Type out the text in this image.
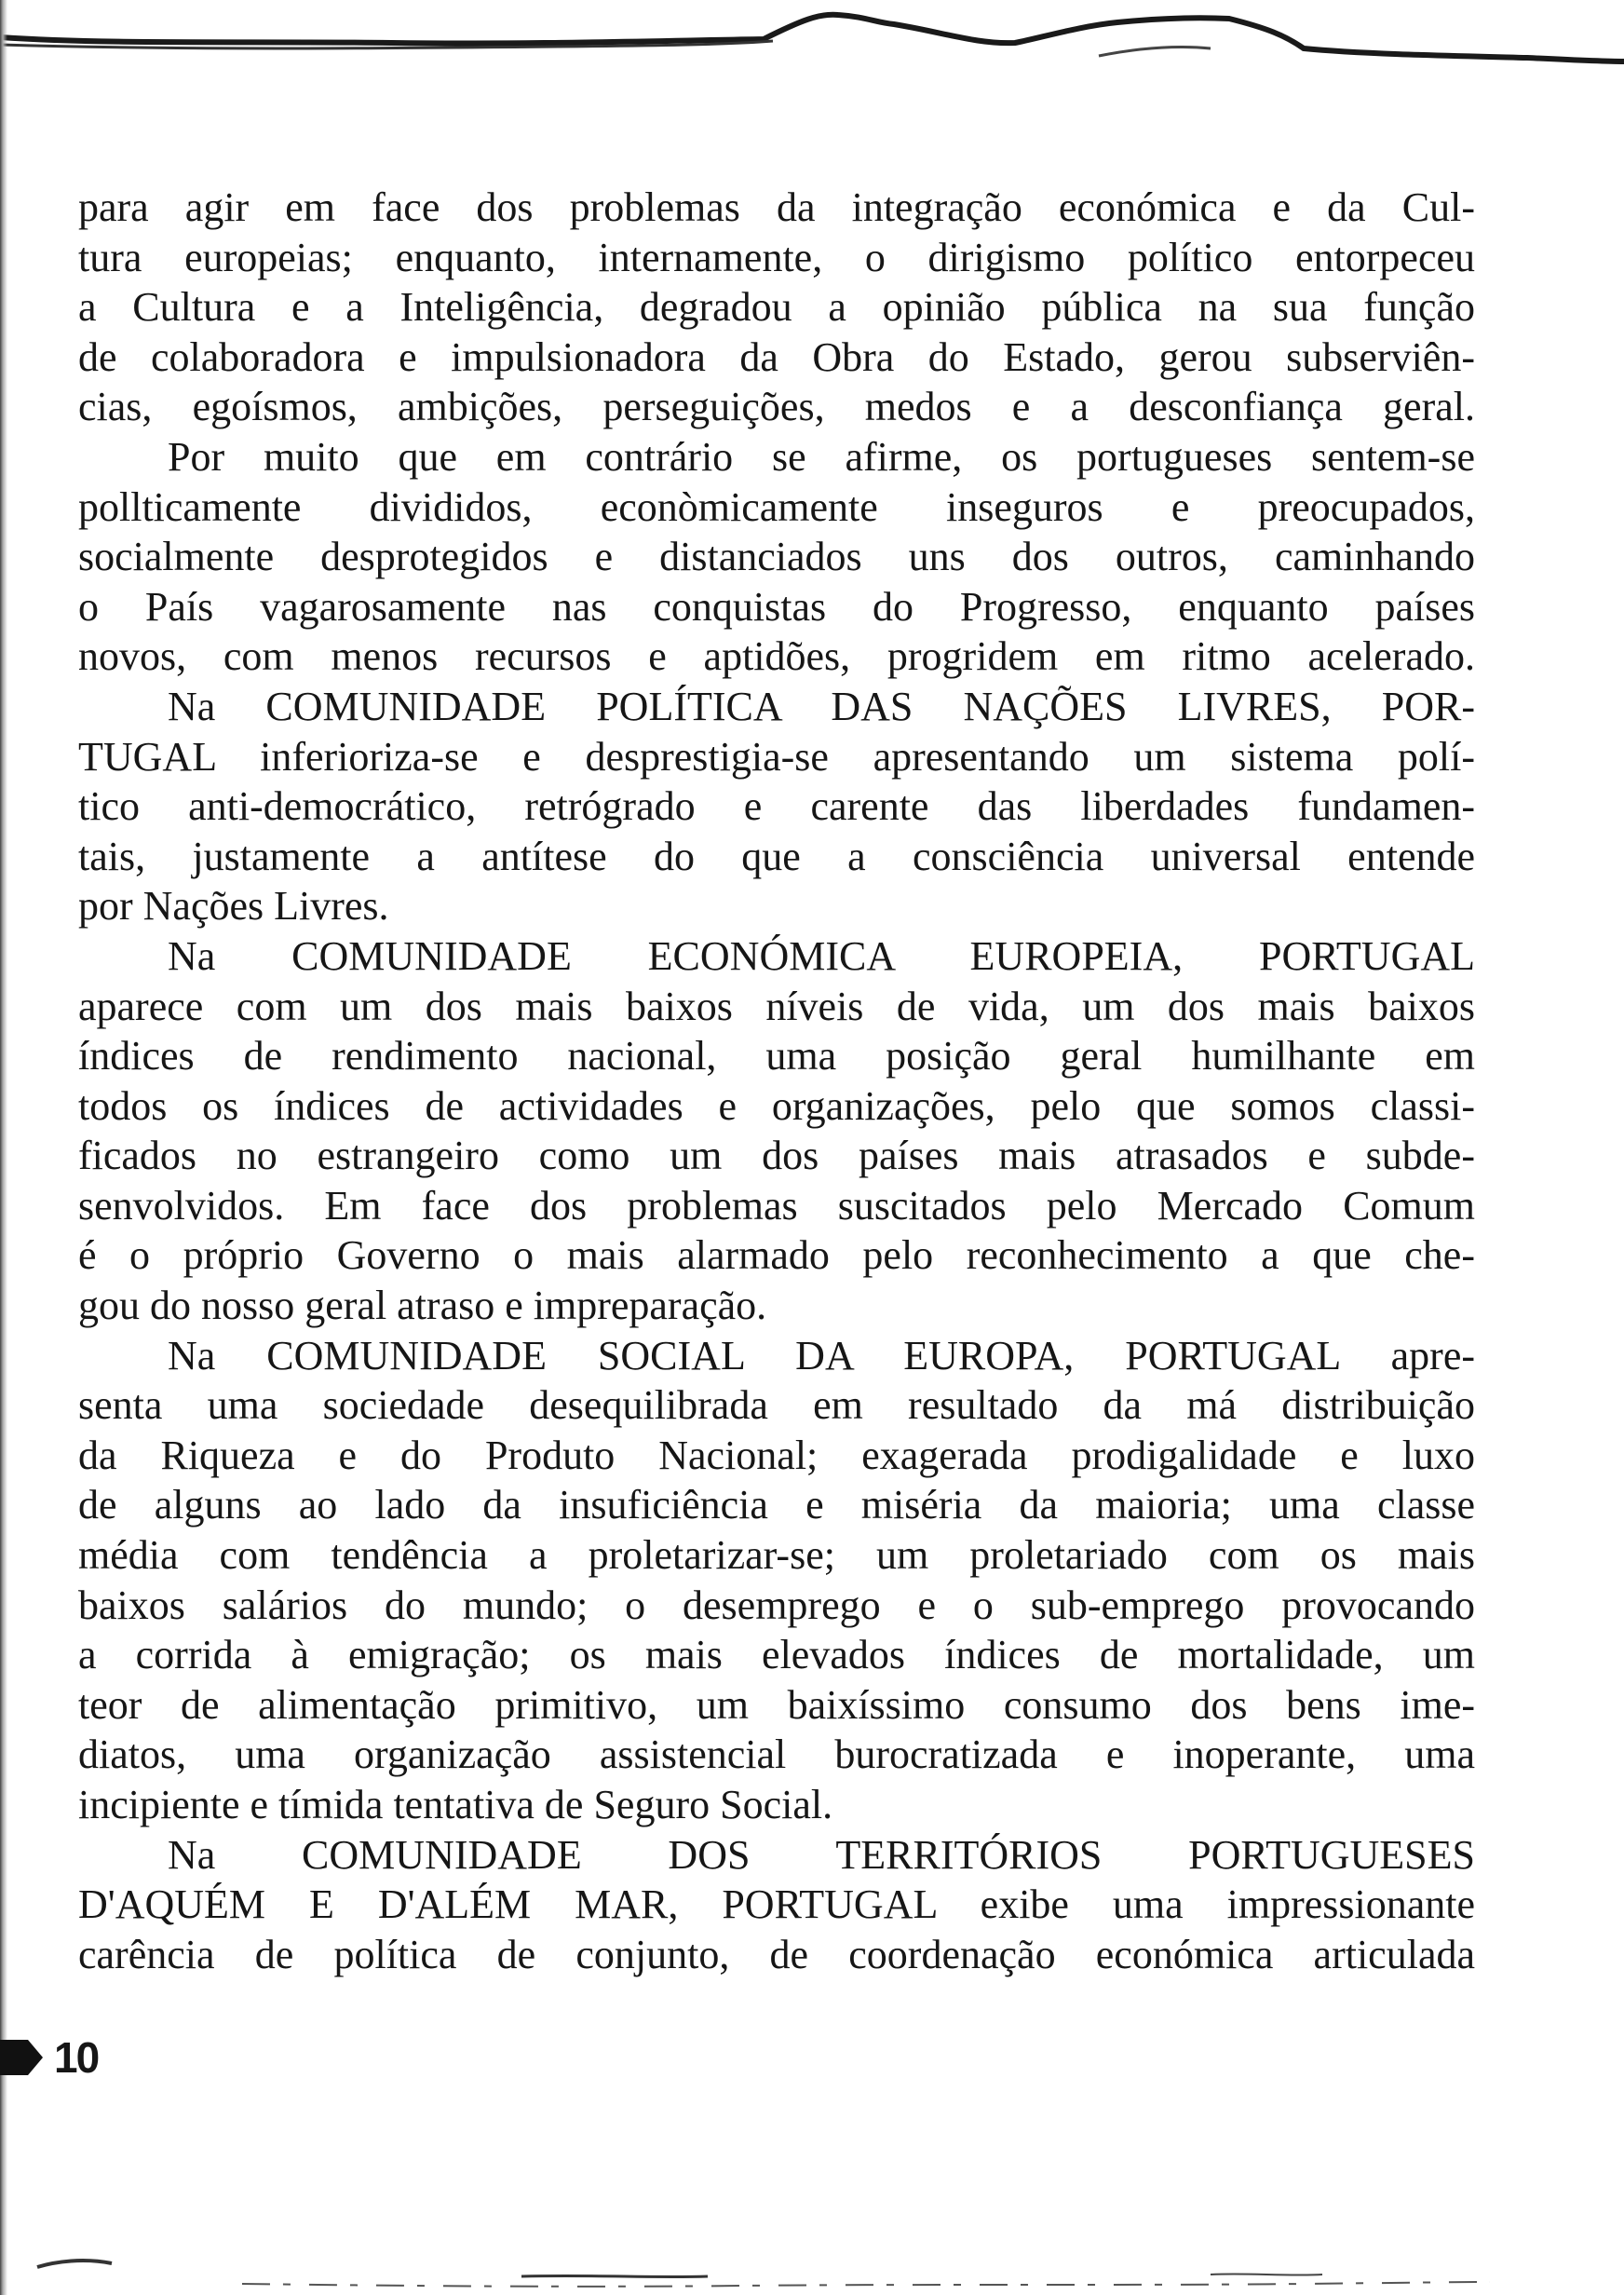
para agir em face dos problemas da integração económica e da Cul-
tura europeias; enquanto, internamente, o dirigismo político entorpeceu
a Cultura e a Inteligência, degradou a opinião pública na sua função
de colaboradora e impulsionadora da Obra do Estado, gerou subserviên-
cias, egoísmos, ambições, perseguições, medos e a desconfiança geral.

Por muito que em contrário se afirme, os portugueses sentem-se
pollticamente divididos, econòmicamente inseguros e preocupados,
socialmente desprotegidos e distanciados uns dos outros, caminhando
o País vagarosamente nas conquistas do Progresso, enquanto países
novos, com menos recursos e aptidões, progridem em ritmo acelerado.

Na COMUNIDADE POLÍTICA DAS NAÇÕES LIVRES, POR-
TUGAL inferioriza-se e desprestigia-se apresentando um sistema polí-
tico anti-democrático, retrógrado e carente das liberdades fundamen-
tais, justamente a antítese do que a consciência universal entende
por Nações Livres.

Na COMUNIDADE ECONÓMICA EUROPEIA, PORTUGAL
aparece com um dos mais baixos níveis de vida, um dos mais baixos
índices de rendimento nacional, uma posição geral humilhante em
todos os índices de actividades e organizações, pelo que somos classi-
ficados no estrangeiro como um dos países mais atrasados e subde-
senvolvidos. Em face dos problemas suscitados pelo Mercado Comum
é o próprio Governo o mais alarmado pelo reconhecimento a que che-
gou do nosso geral atraso e impreparação.

Na COMUNIDADE SOCIAL DA EUROPA, PORTUGAL apre-
senta uma sociedade desequilibrada em resultado da má distribuição
da Riqueza e do Produto Nacional; exagerada prodigalidade e luxo
de alguns ao lado da insuficiência e miséria da maioria; uma classe
média com tendência a proletarizar-se; um proletariado com os mais
baixos salários do mundo; o desemprego e o sub-emprego provocando
a corrida à emigração; os mais elevados índices de mortalidade, um
teor de alimentação primitivo, um baixíssimo consumo dos bens ime-
diatos, uma organização assistencial burocratizada e inoperante, uma
incipiente e tímida tentativa de Seguro Social.

Na COMUNIDADE DOS TERRITÓRIOS PORTUGUESES
D'AQUÉM E D'ALÉM MAR, PORTUGAL exibe uma impressionante
carência de política de conjunto, de coordenação económica articulada

10
